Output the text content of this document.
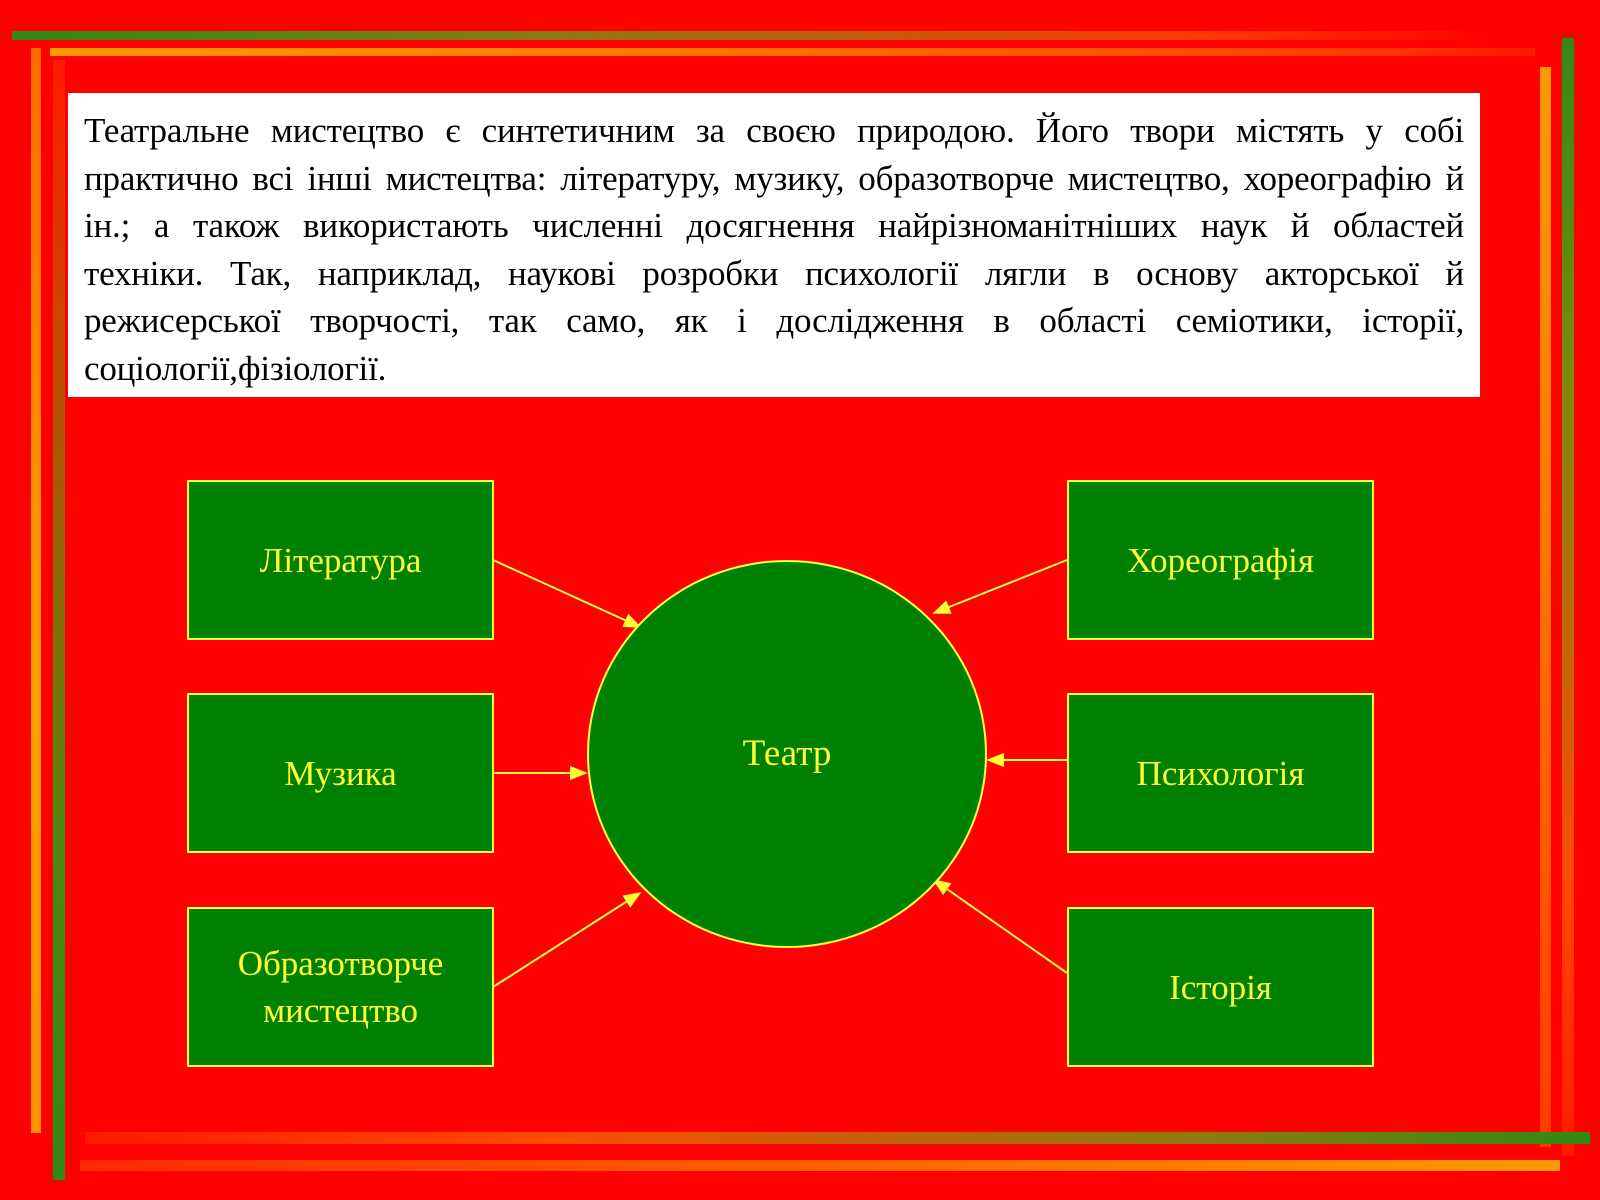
Театральне мистецтво є синтетичним за своєю природою. Його твори містять у собі практично всі інші мистецтва: літературу, музику, образотворче мистецтво, хореографію й ін.; а також використають численні досягнення найрізноманітніших наук й областей техніки. Так, наприклад, наукові розробки психології лягли в основу акторської й режисерської творчості, так само, як і дослідження в області семіотики, історії, соціології,фізіології.

Театр
Література
Музика
Образотворче мистецтво
Хореографія
Психологія
Історія
